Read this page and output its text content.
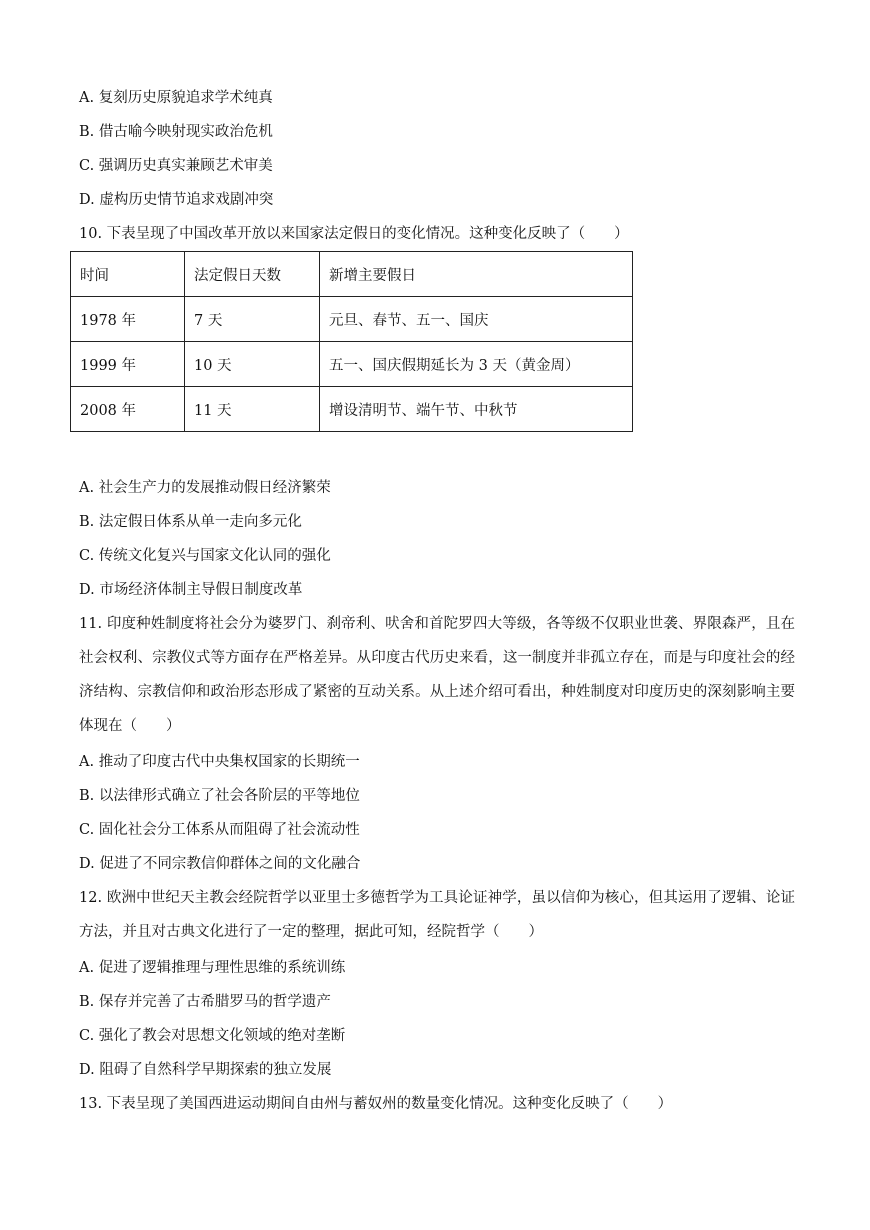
A. 复刻历史原貌追求学术纯真
B. 借古喻今映射现实政治危机
C. 强调历史真实兼顾艺术审美
D. 虚构历史情节追求戏剧冲突
10. 下表呈现了中国改革开放以来国家法定假日的变化情况。这种变化反映了（　　）
时间	法定假日天数	新增主要假日
1978 年	7 天	元旦、春节、五一、国庆
1999 年	10 天	五一、国庆假期延长为 3 天（黄金周）
2008 年	11 天	增设清明节、端午节、中秋节
A. 社会生产力的发展推动假日经济繁荣
B. 法定假日体系从单一走向多元化
C. 传统文化复兴与国家文化认同的强化
D. 市场经济体制主导假日制度改革
11. 印度种姓制度将社会分为婆罗门、刹帝利、吠舍和首陀罗四大等级，各等级不仅职业世袭、界限森严，且在社会权利、宗教仪式等方面存在严格差异。从印度古代历史来看，这一制度并非孤立存在，而是与印度社会的经济结构、宗教信仰和政治形态形成了紧密的互动关系。从上述介绍可看出，种姓制度对印度历史的深刻影响主要体现在（　　）
A. 推动了印度古代中央集权国家的长期统一
B. 以法律形式确立了社会各阶层的平等地位
C. 固化社会分工体系从而阻碍了社会流动性
D. 促进了不同宗教信仰群体之间的文化融合
12. 欧洲中世纪天主教会经院哲学以亚里士多德哲学为工具论证神学，虽以信仰为核心，但其运用了逻辑、论证方法，并且对古典文化进行了一定的整理，据此可知，经院哲学（　　）
A. 促进了逻辑推理与理性思维的系统训练
B. 保存并完善了古希腊罗马的哲学遗产
C. 强化了教会对思想文化领域的绝对垄断
D. 阻碍了自然科学早期探索的独立发展
13. 下表呈现了美国西进运动期间自由州与蓄奴州的数量变化情况。这种变化反映了（　　）
